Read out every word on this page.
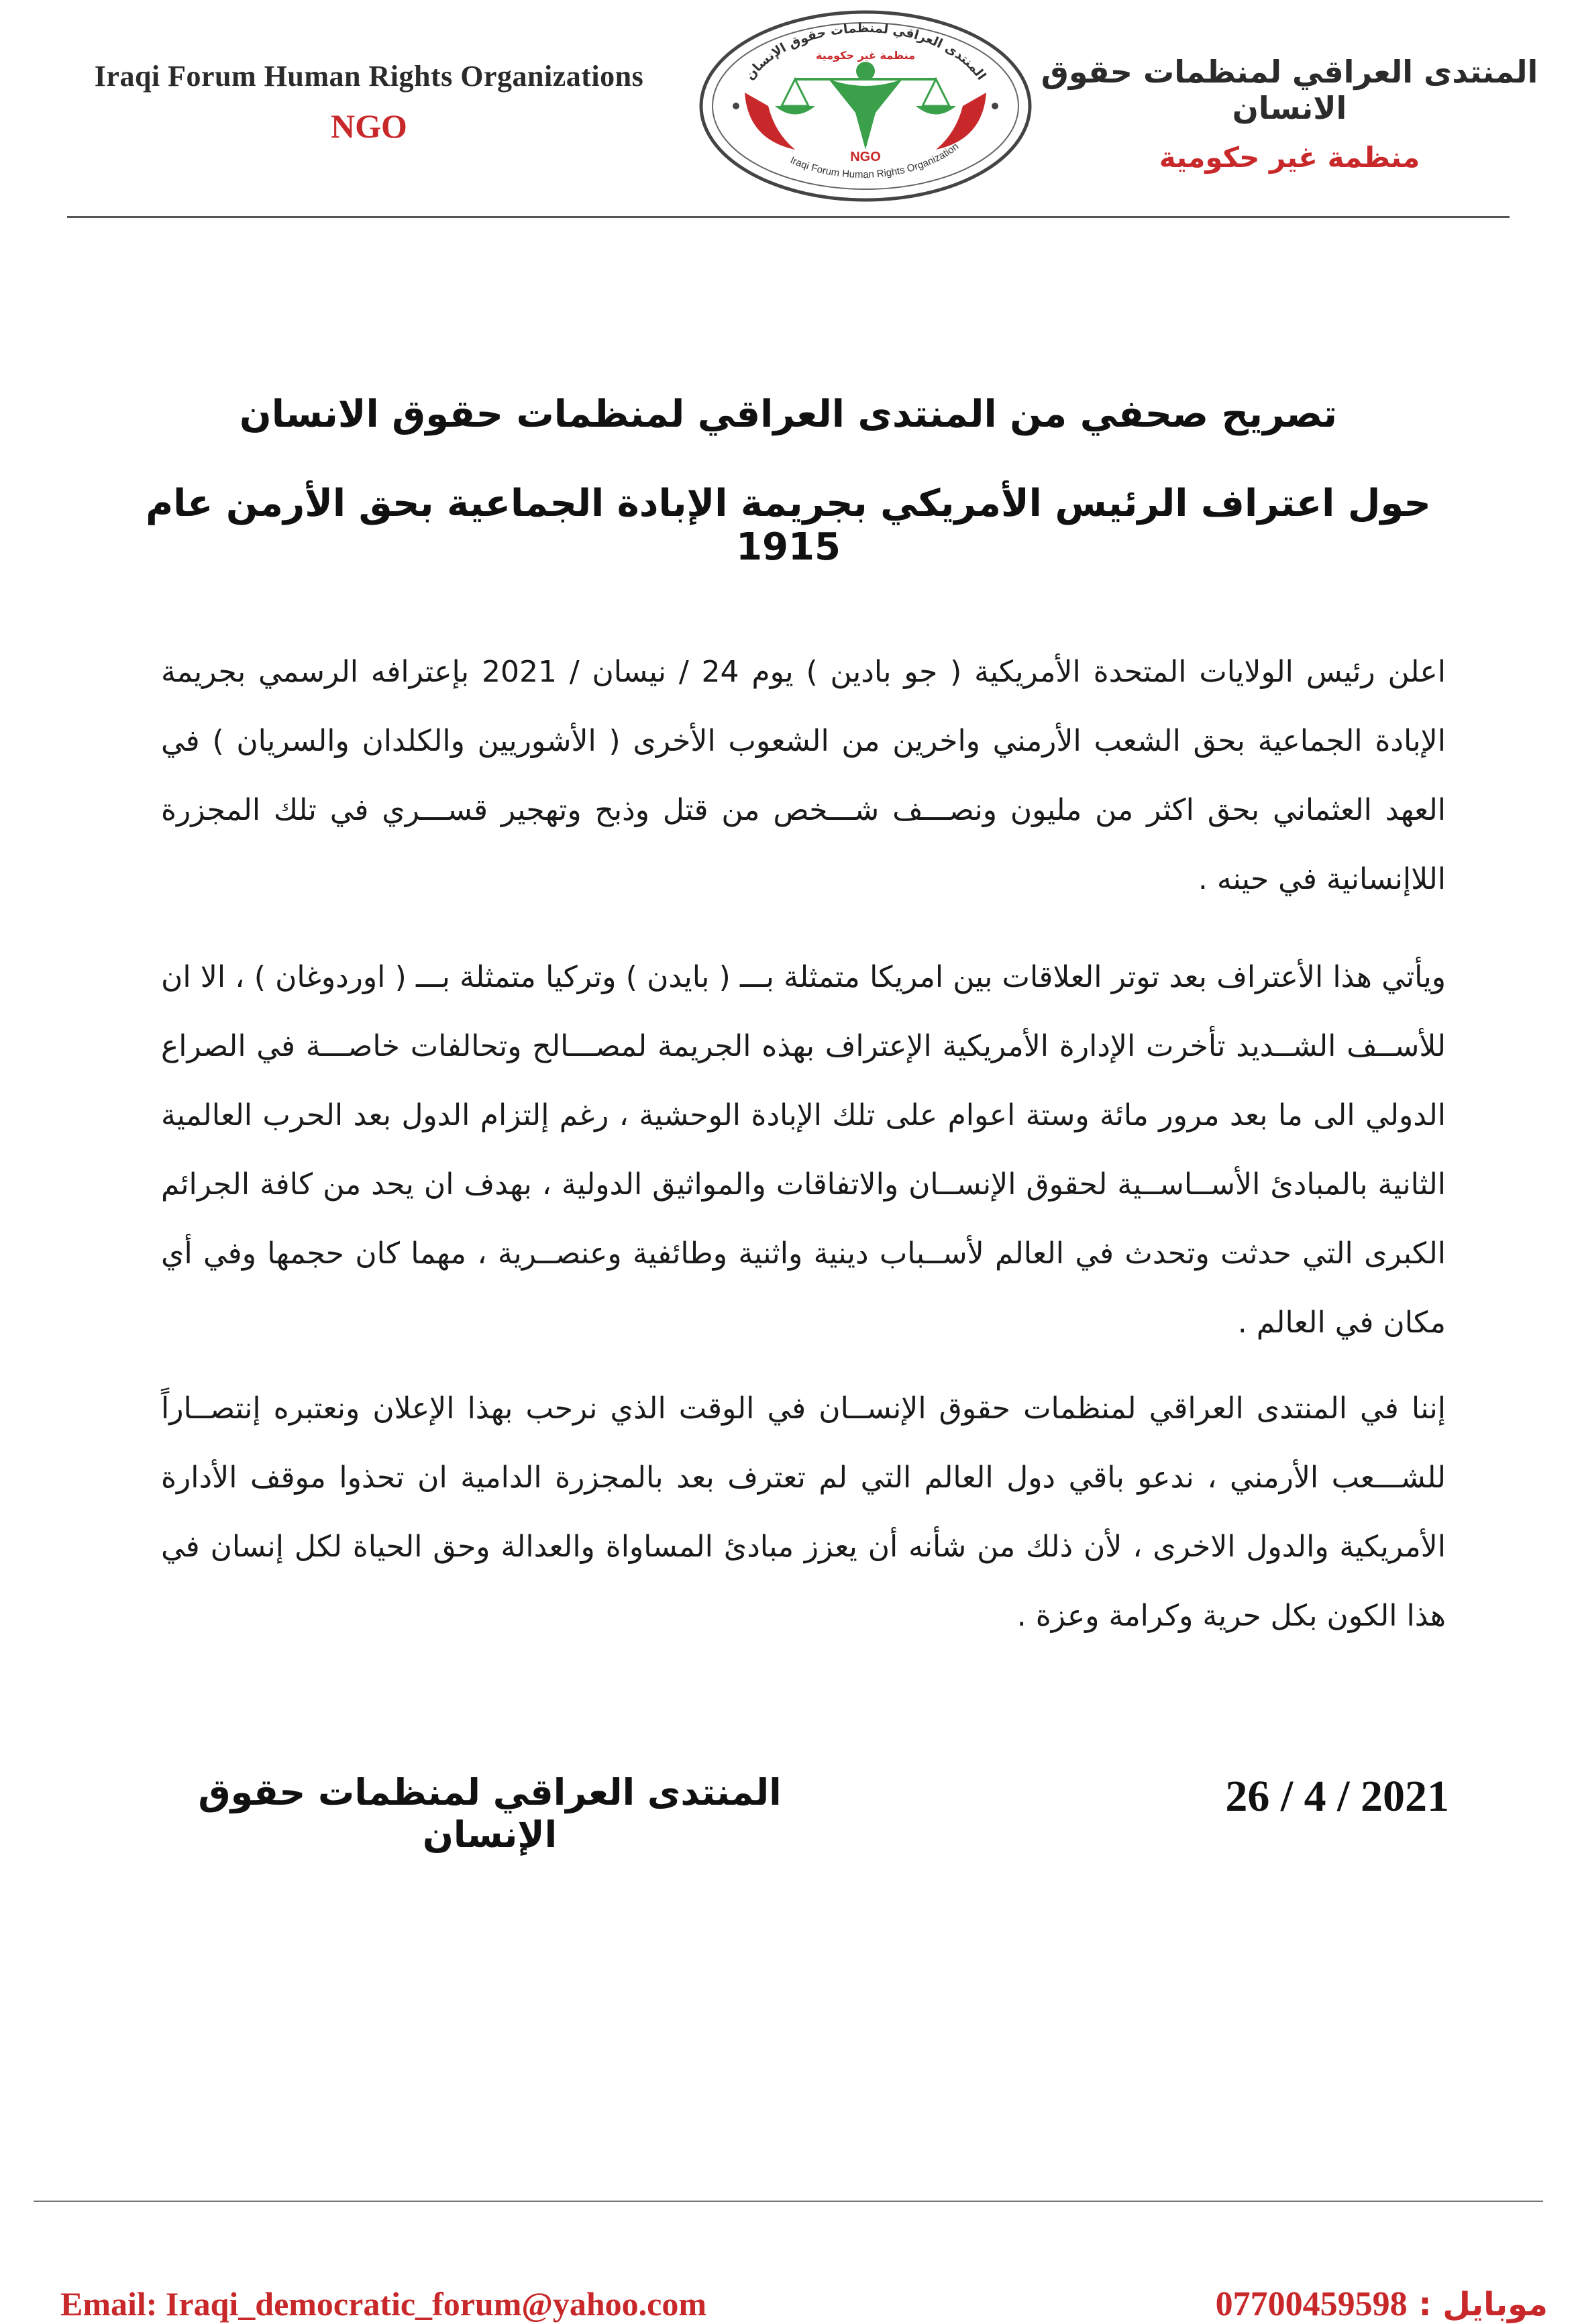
Iraqi Forum Human Rights Organizations
NGO
المنتدى العراقي لمنظمات حقوق الإنسان
منظمة غير حكومية
NGO
Iraqi Forum Human Rights Organization
المنتدى العراقي لمنظمات حقوق الانسان
منظمة غير حكومية
تصريح صحفي من المنتدى العراقي لمنظمات حقوق الانسان
حول اعتراف الرئيس الأمريكي بجريمة الإبادة الجماعية بحق الأرمن عام 1915
اعلن رئيس الولايات المتحدة الأمريكية ( جو بادين ) يوم 24 / نيسان / 2021 بإعترافه الرسمي بجريمة الإبادة الجماعية بحق الشعب الأرمني واخرين من الشعوب الأخرى ( الأشوريين والكلدان والسريان ) في العهد العثماني بحق اكثر من مليون ونصـــف شـــخص من قتل وذبح وتهجير قســـري في تلك المجزرة اللاإنسانية في حينه .
ويأتي هذا الأعتراف بعد توتر العلاقات بين امريكا متمثلة بـــ ( بايدن ) وتركيا متمثلة بـــ ( اوردوغان ) ، الا ان للأســف الشــديد تأخرت الإدارة الأمريكية الإعتراف بهذه الجريمة لمصـــالح وتحالفات خاصـــة في الصراع الدولي الى ما بعد مرور مائة وستة اعوام على تلك الإبادة الوحشية ، رغم إلتزام الدول بعد الحرب العالمية الثانية بالمبادئ الأســاســية لحقوق الإنســان والاتفاقات والمواثيق الدولية ، بهدف ان يحد من كافة الجرائم الكبرى التي حدثت وتحدث في العالم لأســباب دينية واثنية وطائفية وعنصــرية ، مهما كان حجمها وفي أي مكان في العالم .
إننا في المنتدى العراقي لمنظمات حقوق الإنســان في الوقت الذي نرحب بهذا الإعلان ونعتبره إنتصــاراً للشـــعب الأرمني ، ندعو باقي دول العالم التي لم تعترف بعد بالمجزرة الدامية ان تحذوا موقف الأدارة الأمريكية والدول الاخرى ، لأن ذلك من شأنه أن يعزز مبادئ المساواة والعدالة وحق الحياة لكل إنسان في هذا الكون بكل حرية وكرامة وعزة .
26 / 4 / 2021
المنتدى العراقي لمنظمات حقوق الإنسان
Email: Iraqi_democratic_forum@yahoo.com	موبايل : 07700459598
